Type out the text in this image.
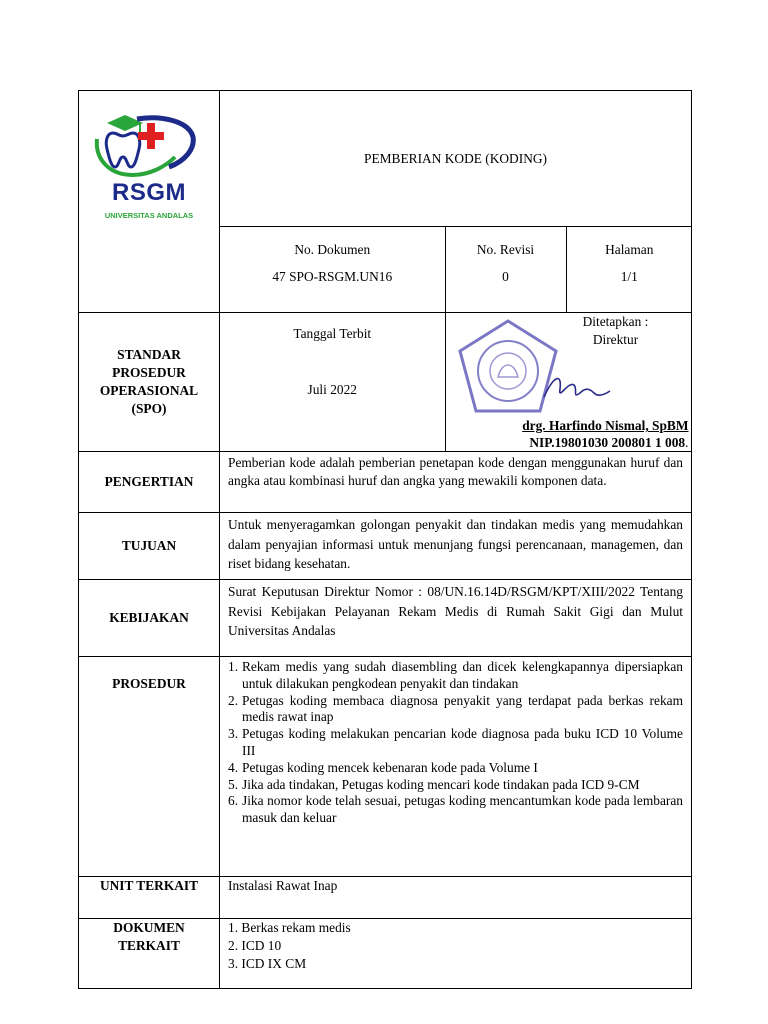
RSGM
UNIVERSITAS ANDALAS

PEMBERIAN KODE (KODING)

No. Dokumen
47 SPO-RSGM.UN16

No. Revisi
0

Halaman
1/1

STANDAR
PROSEDUR
OPERASIONAL
(SPO)

Tanggal Terbit
Juli 2022

Ditetapkan :
Direktur
drg. Harfindo Nismal, SpBM
NIP.19801030 200801 1 008.

PENGERTIAN	Pemberian kode adalah pemberian penetapan kode dengan menggunakan huruf dan angka atau kombinasi huruf dan angka yang mewakili komponen data.
TUJUAN	Untuk menyeragamkan golongan penyakit dan tindakan medis yang memudahkan dalam penyajian informasi untuk menunjang fungsi perencanaan, managemen, dan riset bidang kesehatan.
KEBIJAKAN	Surat Keputusan Direktur Nomor : 08/UN.16.14D/RSGM/KPT/XIII/2022 Tentang Revisi Kebijakan Pelayanan Rekam Medis di Rumah Sakit Gigi dan Mulut Universitas Andalas
PROSEDUR	
1. Rekam medis yang sudah diasembling dan dicek kelengkapannya dipersiapkan untuk dilakukan pengkodean penyakit dan tindakan
2. Petugas koding membaca diagnosa penyakit yang terdapat pada berkas rekam medis rawat inap
3. Petugas koding melakukan pencarian kode diagnosa pada buku ICD 10 Volume III
4. Petugas koding mencek kebenaran kode pada Volume I
5. Jika ada tindakan, Petugas koding mencari kode tindakan pada ICD 9-CM
6. Jika nomor kode telah sesuai, petugas koding mencantumkan kode pada lembaran masuk dan keluar

UNIT TERKAIT	Instalasi Rawat Inap

DOKUMEN
TERKAIT

1. Berkas rekam medis
2. ICD 10
3. ICD IX CM
